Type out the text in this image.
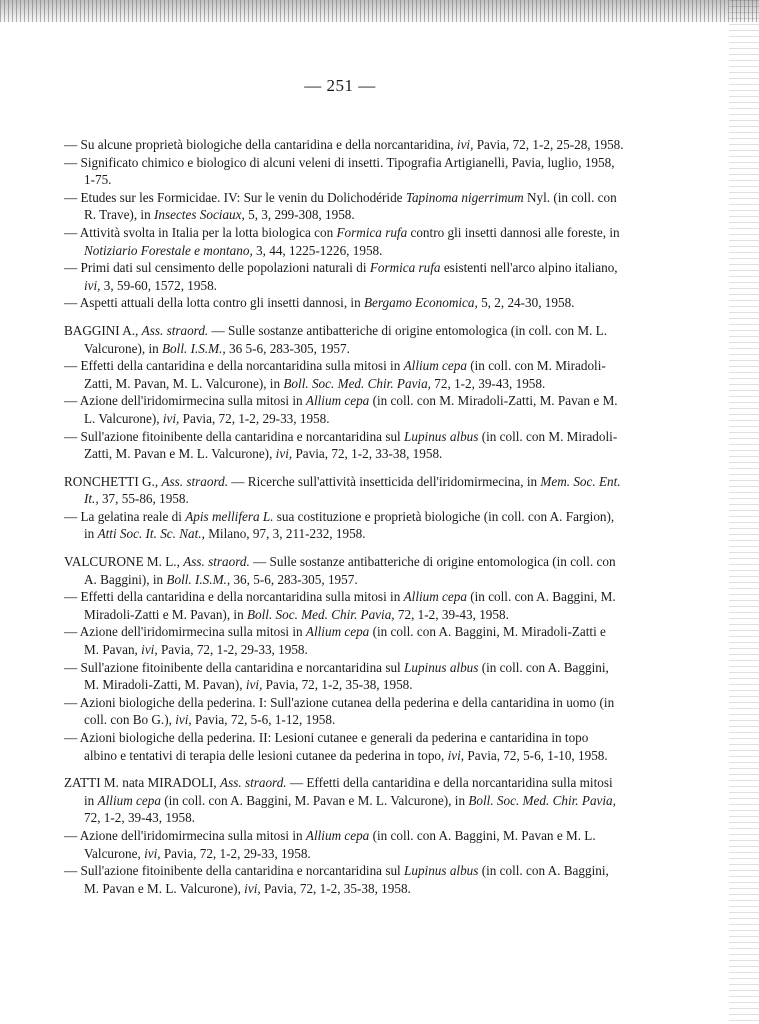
— 251 —

— Su alcune proprietà biologiche della cantaridina e della norcantaridina, ivi, Pavia, 72, 1-2, 25-28, 1958.

— Significato chimico e biologico di alcuni veleni di insetti. Tipografia Artigianelli, Pavia, luglio, 1958, 1-75.

— Etudes sur les Formicidae. IV: Sur le venin du Dolichodéride Tapinoma nigerrimum Nyl. (in coll. con R. Trave), in Insectes Sociaux, 5, 3, 299-308, 1958.

— Attività svolta in Italia per la lotta biologica con Formica rufa contro gli insetti dannosi alle foreste, in Notiziario Forestale e montano, 3, 44, 1225-1226, 1958.

— Primi dati sul censimento delle popolazioni naturali di Formica rufa esistenti nell'arco alpino italiano, ivi, 3, 59-60, 1572, 1958.

— Aspetti attuali della lotta contro gli insetti dannosi, in Bergamo Economica, 5, 2, 24-30, 1958.

BAGGINI A., Ass. straord. — Sulle sostanze antibatteriche di origine entomologica (in coll. con M. L. Valcurone), in Boll. I.S.M., 36 5-6, 283-305, 1957.

— Effetti della cantaridina e della norcantaridina sulla mitosi in Allium cepa (in coll. con M. Miradoli-Zatti, M. Pavan, M. L. Valcurone), in Boll. Soc. Med. Chir. Pavia, 72, 1-2, 39-43, 1958.

— Azione dell'iridomirmecina sulla mitosi in Allium cepa (in coll. con M. Miradoli-Zatti, M. Pavan e M. L. Valcurone), ivi, Pavia, 72, 1-2, 29-33, 1958.

— Sull'azione fitoinibente della cantaridina e norcantaridina sul Lupinus albus (in coll. con M. Miradoli-Zatti, M. Pavan e M. L. Valcurone), ivi, Pavia, 72, 1-2, 33-38, 1958.

RONCHETTI G., Ass. straord. — Ricerche sull'attività insetticida dell'iridomirmecina, in Mem. Soc. Ent. It., 37, 55-86, 1958.

— La gelatina reale di Apis mellifera L. sua costituzione e proprietà biologiche (in coll. con A. Fargion), in Atti Soc. It. Sc. Nat., Milano, 97, 3, 211-232, 1958.

VALCURONE M. L., Ass. straord. — Sulle sostanze antibatteriche di origine entomologica (in coll. con A. Baggini), in Boll. I.S.M., 36, 5-6, 283-305, 1957.

— Effetti della cantaridina e della norcantaridina sulla mitosi in Allium cepa (in coll. con A. Baggini, M. Miradoli-Zatti e M. Pavan), in Boll. Soc. Med. Chir. Pavia, 72, 1-2, 39-43, 1958.

— Azione dell'iridomirmecina sulla mitosi in Allium cepa (in coll. con A. Baggini, M. Miradoli-Zatti e M. Pavan, ivi, Pavia, 72, 1-2, 29-33, 1958.

— Sull'azione fitoinibente della cantaridina e norcantaridina sul Lupinus albus (in coll. con A. Baggini, M. Miradoli-Zatti, M. Pavan), ivi, Pavia, 72, 1-2, 35-38, 1958.

— Azioni biologiche della pederina. I: Sull'azione cutanea della pederina e della cantaridina in uomo (in coll. con Bo G.), ivi, Pavia, 72, 5-6, 1-12, 1958.

— Azioni biologiche della pederina. II: Lesioni cutanee e generali da pederina e cantaridina in topo albino e tentativi di terapia delle lesioni cutanee da pederina in topo, ivi, Pavia, 72, 5-6, 1-10, 1958.

ZATTI M. nata MIRADOLI, Ass. straord. — Effetti della cantaridina e della norcantaridina sulla mitosi in Allium cepa (in coll. con A. Baggini, M. Pavan e M. L. Valcurone), in Boll. Soc. Med. Chir. Pavia, 72, 1-2, 39-43, 1958.

— Azione dell'iridomirmecina sulla mitosi in Allium cepa (in coll. con A. Baggini, M. Pavan e M. L. Valcurone, ivi, Pavia, 72, 1-2, 29-33, 1958.

— Sull'azione fitoinibente della cantaridina e norcantaridina sul Lupinus albus (in coll. con A. Baggini, M. Pavan e M. L. Valcurone), ivi, Pavia, 72, 1-2, 35-38, 1958.
